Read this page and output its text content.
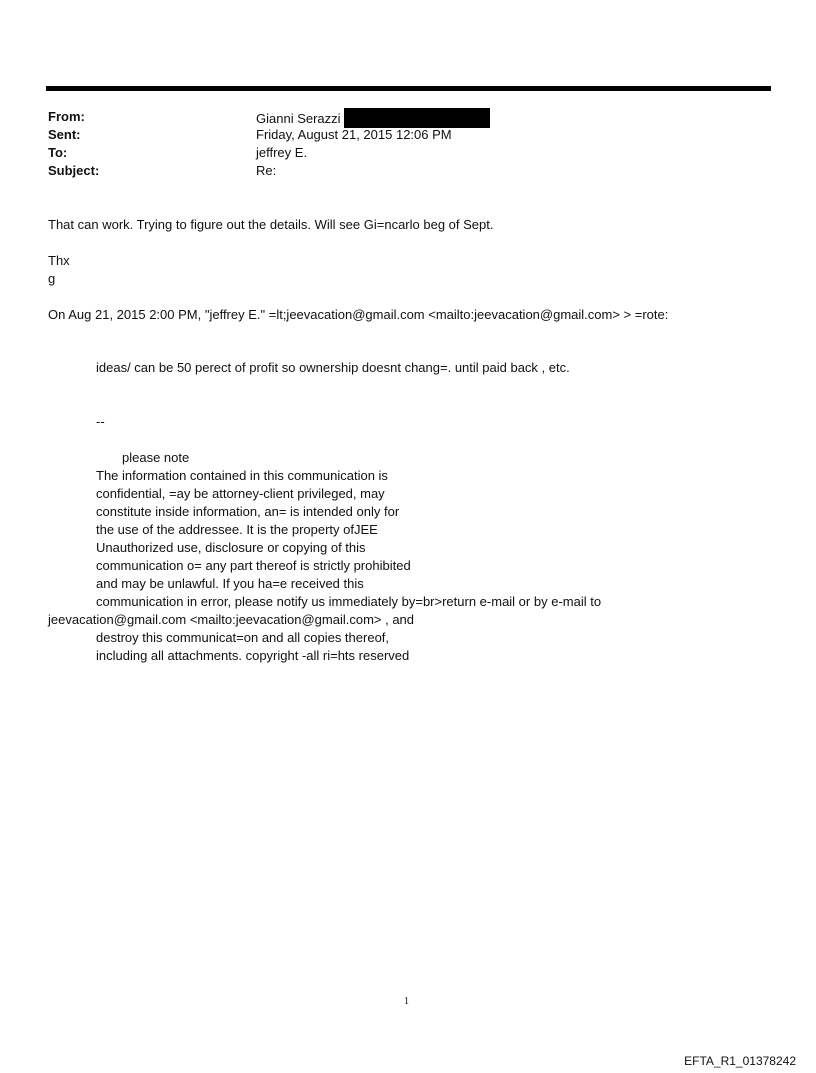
From:	Gianni Serazzi
Sent:	Friday, August 21, 2015 12:06 PM
To:	jeffrey E.
Subject:	Re:
That can work. Trying to figure out the details. Will see Gi=ncarlo beg of Sept.
Thx
g
On Aug 21, 2015 2:00 PM, "jeffrey E." =lt;jeevacation@gmail.com <mailto:jeevacation@gmail.com> > =rote:
ideas/ can be 50 perect of profit so ownership doesnt chang=. until paid back , etc.
--
please note
The information contained in this communication is
confidential, =ay be attorney-client privileged, may
constitute inside information, an= is intended only for
the use of the addressee. It is the property ofJEE
Unauthorized use, disclosure or copying of this
communication o= any part thereof is strictly prohibited
and may be unlawful. If you ha=e received this
communication in error, please notify us immediately by=br>return e-mail or by e-mail to
jeevacation@gmail.com <mailto:jeevacation@gmail.com> , and
destroy this communicat=on and all copies thereof,
including all attachments. copyright -all ri=hts reserved
1
EFTA_R1_01378242
